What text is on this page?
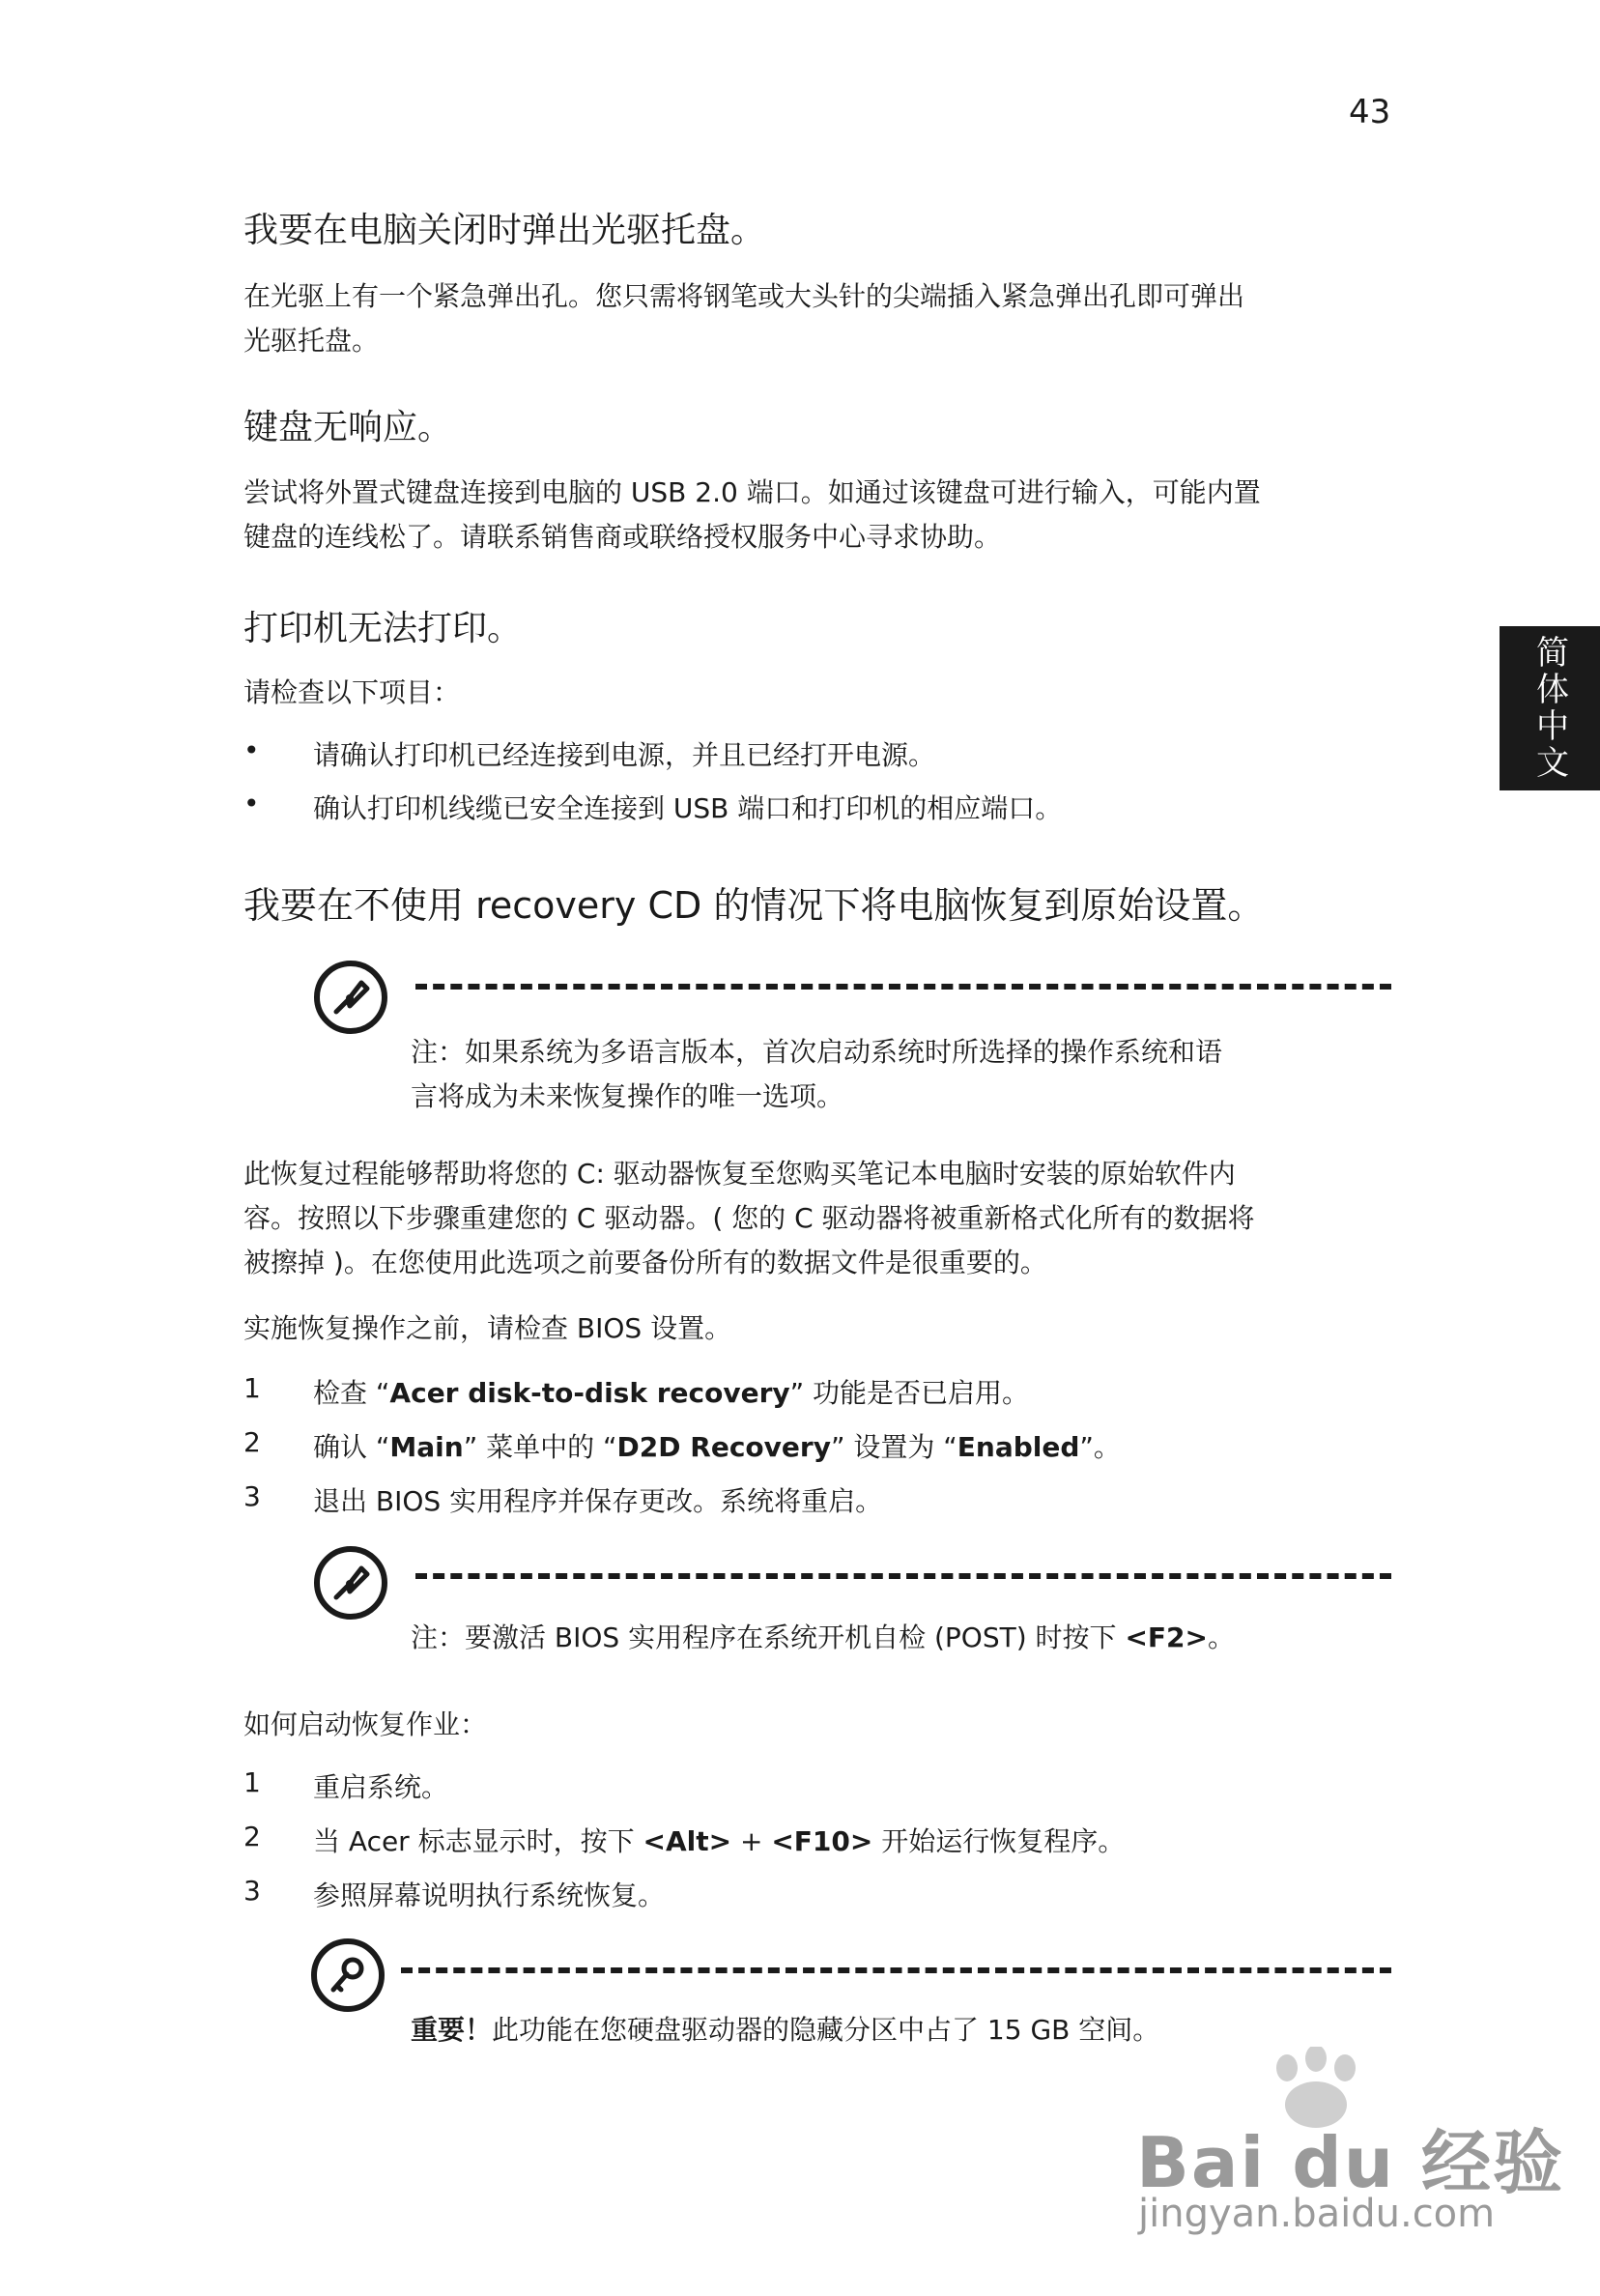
43
简体中文
我要在电脑关闭时弹出光驱托盘。
在光驱上有一个紧急弹出孔。您只需将钢笔或大头针的尖端插入紧急弹出孔即可弹出
光驱托盘。
键盘无响应。
尝试将外置式键盘连接到电脑的 USB 2.0 端口。如通过该键盘可进行输入，可能内置
键盘的连线松了。请联系销售商或联络授权服务中心寻求协助。
打印机无法打印。
请检查以下项目：
•	请确认打印机已经连接到电源，并且已经打开电源。
•	确认打印机线缆已安全连接到 USB 端口和打印机的相应端口。
我要在不使用 recovery CD 的情况下将电脑恢复到原始设置。
注：如果系统为多语言版本，首次启动系统时所选择的操作系统和语
言将成为未来恢复操作的唯一选项。
此恢复过程能够帮助将您的 C: 驱动器恢复至您购买笔记本电脑时安装的原始软件内
容。按照以下步骤重建您的 C 驱动器。( 您的 C 驱动器将被重新格式化所有的数据将
被擦掉 )。在您使用此选项之前要备份所有的数据文件是很重要的。
实施恢复操作之前，请检查 BIOS 设置。
1	检查 “Acer disk-to-disk recovery” 功能是否已启用。
2	确认 “Main” 菜单中的 “D2D Recovery” 设置为 “Enabled”。
3	退出 BIOS 实用程序并保存更改。系统将重启。
注：要激活 BIOS 实用程序在系统开机自检 (POST) 时按下 <F2>。
如何启动恢复作业：
1	重启系统。
2	当 Acer 标志显示时，按下 <Alt> + <F10> 开始运行恢复程序。
3	参照屏幕说明执行系统恢复。
重要！此功能在您硬盘驱动器的隐藏分区中占了 15 GB 空间。
Bai du 经验
jingyan.baidu.com
